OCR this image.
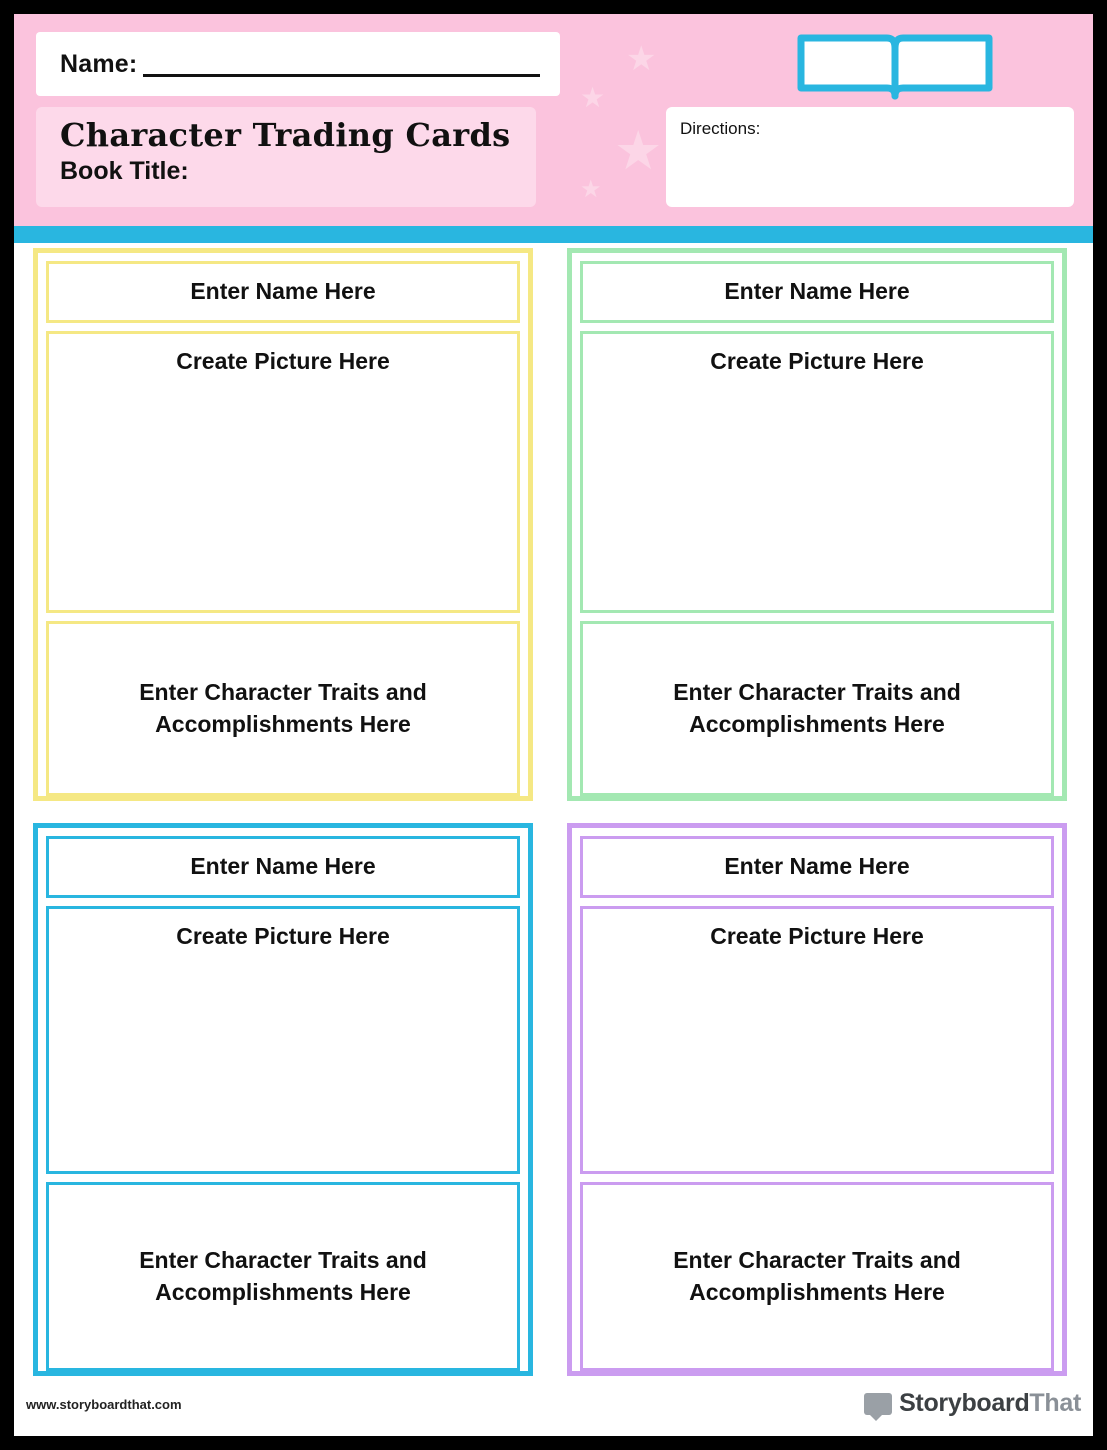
★
★
★
★
Name:
Character Trading Cards
Book Title:
Directions:
Enter Name Here
Create Picture Here
Enter Character Traits and Accomplishments Here
Enter Name Here
Create Picture Here
Enter Character Traits and Accomplishments Here
Enter Name Here
Create Picture Here
Enter Character Traits and Accomplishments Here
Enter Name Here
Create Picture Here
Enter Character Traits and Accomplishments Here
www.storyboardthat.com	StoryboardThat
